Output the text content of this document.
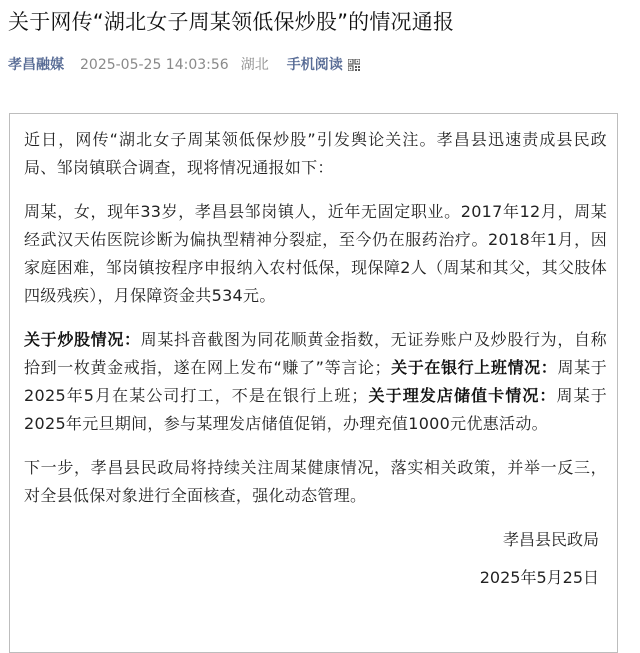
关于网传“湖北女子周某领低保炒股”的情况通报
孝昌融媒 2025-05-25 14:03:56 湖北 手机阅读

近日，网传“湖北女子周某领低保炒股”引发舆论关注。孝昌县迅速责成县民政局、邹岗镇联合调查，现将情况通报如下：

周某，女，现年33岁，孝昌县邹岗镇人，近年无固定职业。2017年12月，周某经武汉天佑医院诊断为偏执型精神分裂症，至今仍在服药治疗。2018年1月，因家庭困难，邹岗镇按程序申报纳入农村低保，现保障2人（周某和其父，其父肢体四级残疾），月保障资金共534元。

关于炒股情况：周某抖音截图为同花顺黄金指数，无证券账户及炒股行为，自称拾到一枚黄金戒指，遂在网上发布“赚了”等言论；关于在银行上班情况：周某于2025年5月在某公司打工，不是在银行上班；关于理发店储值卡情况：周某于2025年元旦期间，参与某理发店储值促销，办理充值1000元优惠活动。

下一步，孝昌县民政局将持续关注周某健康情况，落实相关政策，并举一反三，对全县低保对象进行全面核查，强化动态管理。

孝昌县民政局
2025年5月25日
